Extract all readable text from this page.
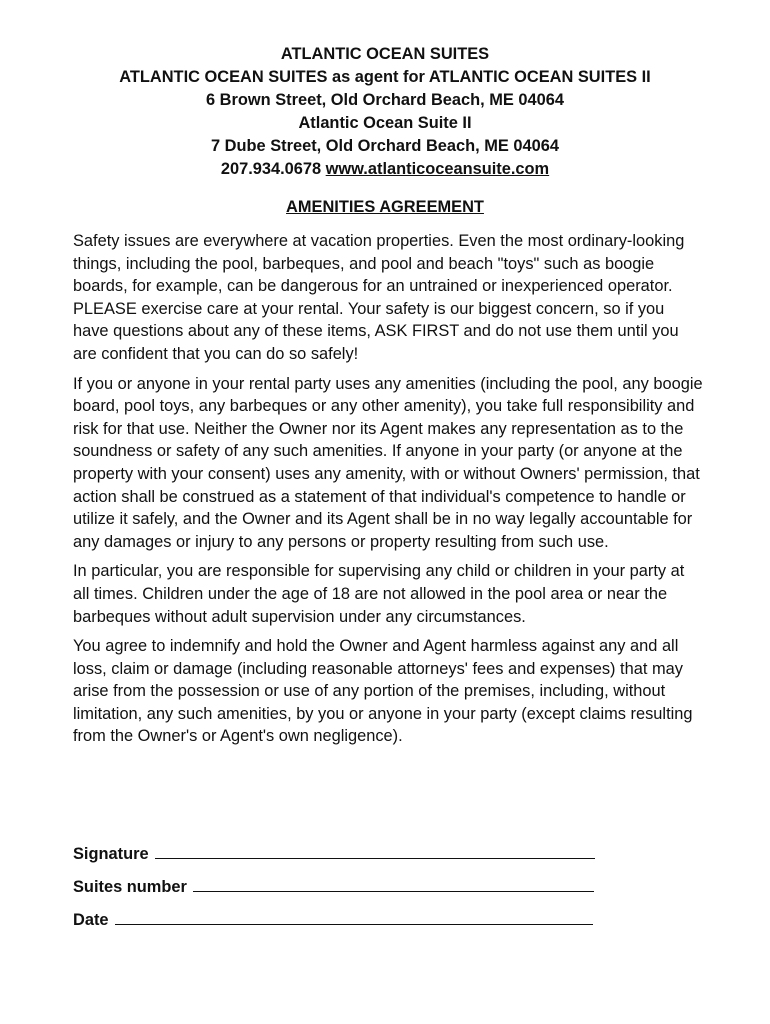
ATLANTIC OCEAN SUITES
ATLANTIC OCEAN SUITES as agent for ATLANTIC OCEAN SUITES II
6 Brown Street, Old Orchard Beach, ME 04064
Atlantic Ocean Suite II
7 Dube Street, Old Orchard Beach, ME 04064
207.934.0678 www.atlanticoceansuite.com
AMENITIES AGREEMENT

Safety issues are everywhere at vacation properties. Even the most ordinary-looking things, including the pool, barbeques, and pool and beach "toys" such as boogie boards, for example, can be dangerous for an untrained or inexperienced operator. PLEASE exercise care at your rental. Your safety is our biggest concern, so if you have questions about any of these items, ASK FIRST and do not use them until you are confident that you can do so safely!

If you or anyone in your rental party uses any amenities (including the pool, any boogie board, pool toys, any barbeques or any other amenity), you take full responsibility and risk for that use. Neither the Owner nor its Agent makes any representation as to the soundness or safety of any such amenities. If anyone in your party (or anyone at the property with your consent) uses any amenity, with or without Owners' permission, that action shall be construed as a statement of that individual's competence to handle or utilize it safely, and the Owner and its Agent shall be in no way legally accountable for any damages or injury to any persons or property resulting from such use.

In particular, you are responsible for supervising any child or children in your party at all times. Children under the age of 18 are not allowed in the pool area or near the barbeques without adult supervision under any circumstances.

You agree to indemnify and hold the Owner and Agent harmless against any and all loss, claim or damage (including reasonable attorneys' fees and expenses) that may arise from the possession or use of any portion of the premises, including, without limitation, any such amenities, by you or anyone in your party (except claims resulting from the Owner's or Agent's own negligence).

Signature
Suites number
Date
